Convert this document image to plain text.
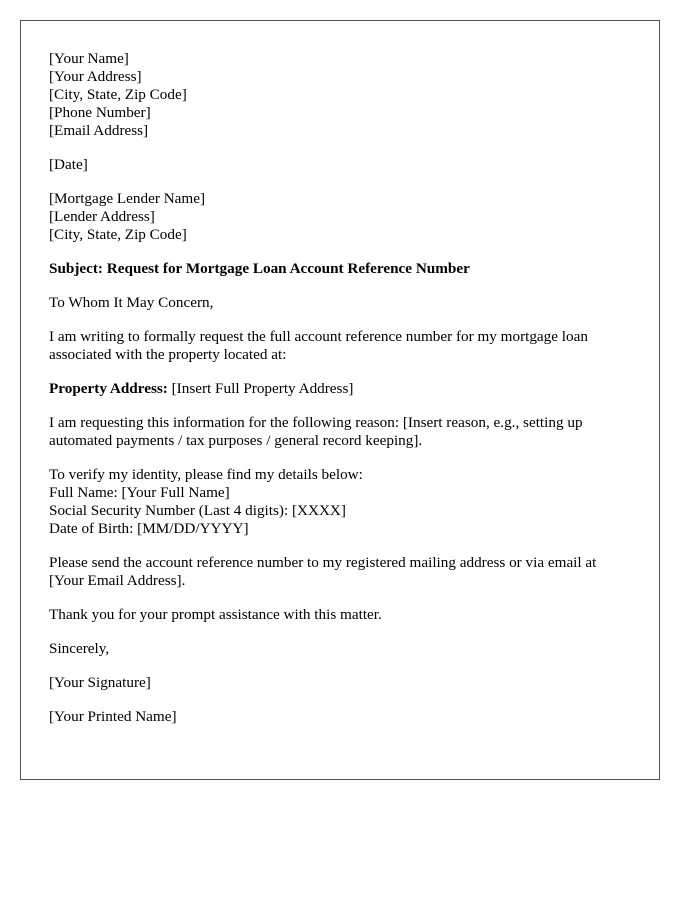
[Your Name]
[Your Address]
[City, State, Zip Code]
[Phone Number]
[Email Address]
[Date]
[Mortgage Lender Name]
[Lender Address]
[City, State, Zip Code]

Subject: Request for Mortgage Loan Account Reference Number

To Whom It May Concern,

I am writing to formally request the full account reference number for my mortgage loan associated with the property located at:

Property Address: [Insert Full Property Address]

I am requesting this information for the following reason: [Insert reason, e.g., setting up automated payments / tax purposes / general record keeping].

To verify my identity, please find my details below:
Full Name: [Your Full Name]
Social Security Number (Last 4 digits): [XXXX]
Date of Birth: [MM/DD/YYYY]

Please send the account reference number to my registered mailing address or via email at [Your Email Address].

Thank you for your prompt assistance with this matter.

Sincerely,

[Your Signature]

[Your Printed Name]
